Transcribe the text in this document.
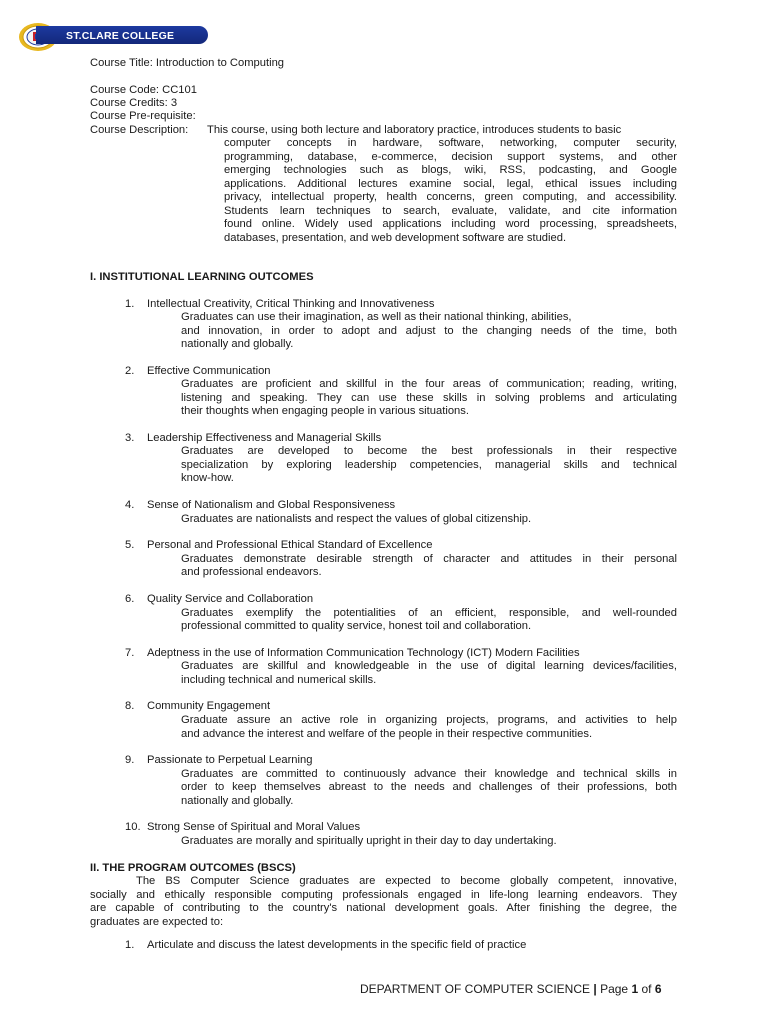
ST.CLARE COLLEGE
Course Title: Introduction to Computing
Course Code: CC101
Course Credits: 3
Course Pre-requisite:
Course Description: This course, using both lecture and laboratory practice, introduces students to basic
computer concepts in hardware, software, networking, computer security,
programming, database, e-commerce, decision support systems, and other
emerging technologies such as blogs, wiki, RSS, podcasting, and Google
applications. Additional lectures examine social, legal, ethical issues including
privacy, intellectual property, health concerns, green computing, and accessibility.
Students learn techniques to search, evaluate, validate, and cite information
found online. Widely used applications including word processing, spreadsheets,
databases, presentation, and web development software are studied.
I. INSTITUTIONAL LEARNING OUTCOMES
1. Intellectual Creativity, Critical Thinking and Innovativeness
Graduates can use their imagination, as well as their national thinking, abilities,
and innovation, in order to adopt and adjust to the changing needs of the time, both
nationally and globally.
2. Effective Communication
Graduates are proficient and skillful in the four areas of communication; reading, writing,
listening and speaking. They can use these skills in solving problems and articulating
their thoughts when engaging people in various situations.
3. Leadership Effectiveness and Managerial Skills
Graduates are developed to become the best professionals in their respective
specialization by exploring leadership competencies, managerial skills and technical
know-how.
4. Sense of Nationalism and Global Responsiveness
Graduates are nationalists and respect the values of global citizenship.
5. Personal and Professional Ethical Standard of Excellence
Graduates demonstrate desirable strength of character and attitudes in their personal
and professional endeavors.
6. Quality Service and Collaboration
Graduates exemplify the potentialities of an efficient, responsible, and well-rounded
professional committed to quality service, honest toil and collaboration.
7. Adeptness in the use of Information Communication Technology (ICT) Modern Facilities
Graduates are skillful and knowledgeable in the use of digital learning devices/facilities,
including technical and numerical skills.
8. Community Engagement
Graduate assure an active role in organizing projects, programs, and activities to help
and advance the interest and welfare of the people in their respective communities.
9. Passionate to Perpetual Learning
Graduates are committed to continuously advance their knowledge and technical skills in
order to keep themselves abreast to the needs and challenges of their professions, both
nationally and globally.
10. Strong Sense of Spiritual and Moral Values
Graduates are morally and spiritually upright in their day to day undertaking.
II. THE PROGRAM OUTCOMES (BSCS)
The BS Computer Science graduates are expected to become globally competent, innovative,
socially and ethically responsible computing professionals engaged in life-long learning endeavors. They
are capable of contributing to the country's national development goals. After finishing the degree, the
graduates are expected to:
1. Articulate and discuss the latest developments in the specific field of practice
DEPARTMENT OF COMPUTER SCIENCE | Page 1 of 6
